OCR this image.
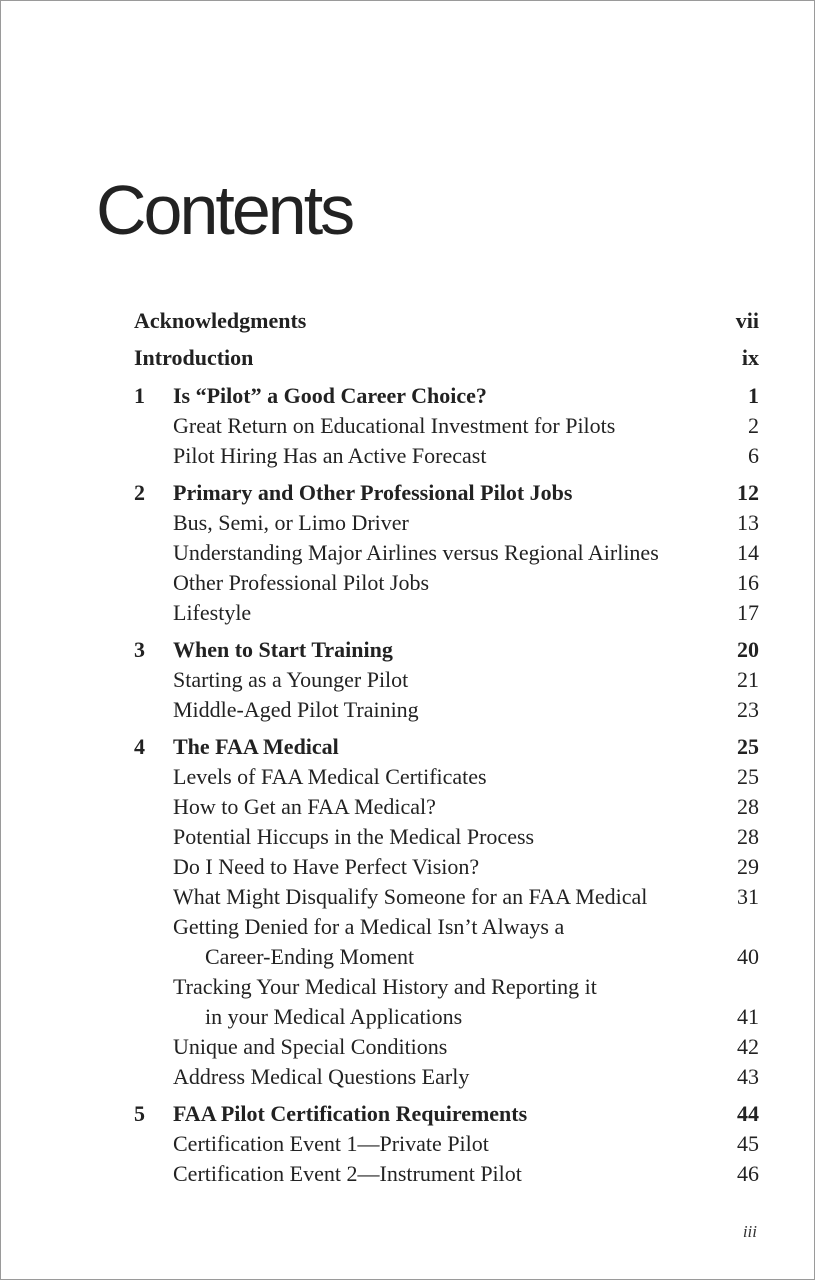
Contents
Acknowledgments	vii
Introduction	ix
1 Is “Pilot” a Good Career Choice?	1
Great Return on Educational Investment for Pilots	2
Pilot Hiring Has an Active Forecast	6
2 Primary and Other Professional Pilot Jobs	12
Bus, Semi, or Limo Driver	13
Understanding Major Airlines versus Regional Airlines	14
Other Professional Pilot Jobs	16
Lifestyle	17
3 When to Start Training	20
Starting as a Younger Pilot	21
Middle-Aged Pilot Training	23
4 The FAA Medical	25
Levels of FAA Medical Certificates	25
How to Get an FAA Medical?	28
Potential Hiccups in the Medical Process	28
Do I Need to Have Perfect Vision?	29
What Might Disqualify Someone for an FAA Medical	31
Getting Denied for a Medical Isn’t Always a
Career-Ending Moment	40
Tracking Your Medical History and Reporting it
in your Medical Applications	41
Unique and Special Conditions	42
Address Medical Questions Early	43
5 FAA Pilot Certification Requirements	44
Certification Event 1—Private Pilot	45
Certification Event 2—Instrument Pilot	46
iii
